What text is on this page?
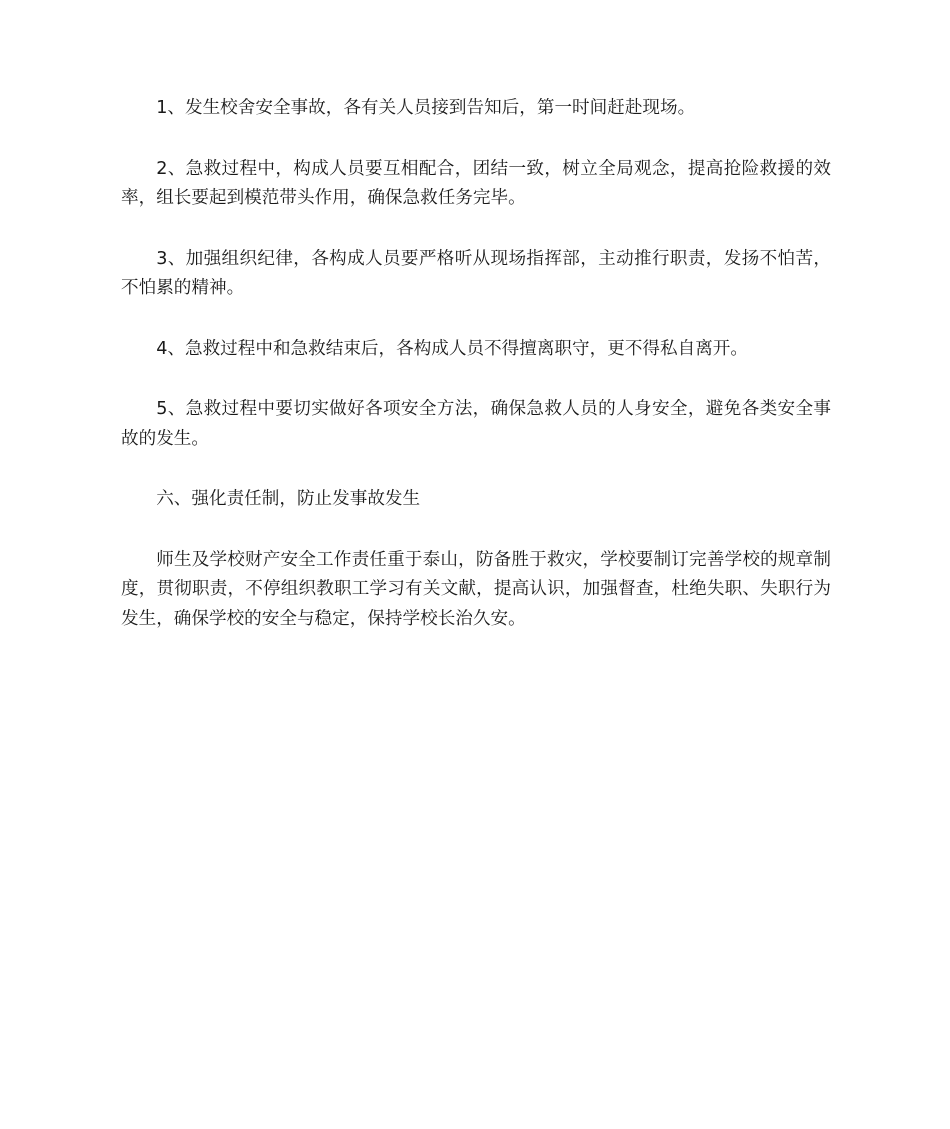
1、发生校舍安全事故，各有关人员接到告知后，第一时间赶赴现场。

2、急救过程中，构成人员要互相配合，团结一致，树立全局观念，提高抢险救援的效率，组长要起到模范带头作用，确保急救任务完毕。

3、加强组织纪律，各构成人员要严格听从现场指挥部，主动推行职责，发扬不怕苦，不怕累的精神。

4、急救过程中和急救结束后，各构成人员不得擅离职守，更不得私自离开。

5、急救过程中要切实做好各项安全方法，确保急救人员的人身安全，避免各类安全事故的发生。

六、强化责任制，防止发事故发生

师生及学校财产安全工作责任重于泰山，防备胜于救灾，学校要制订完善学校的规章制度，贯彻职责，不停组织教职工学习有关文献，提高认识，加强督查，杜绝失职、失职行为发生，确保学校的安全与稳定，保持学校长治久安。
